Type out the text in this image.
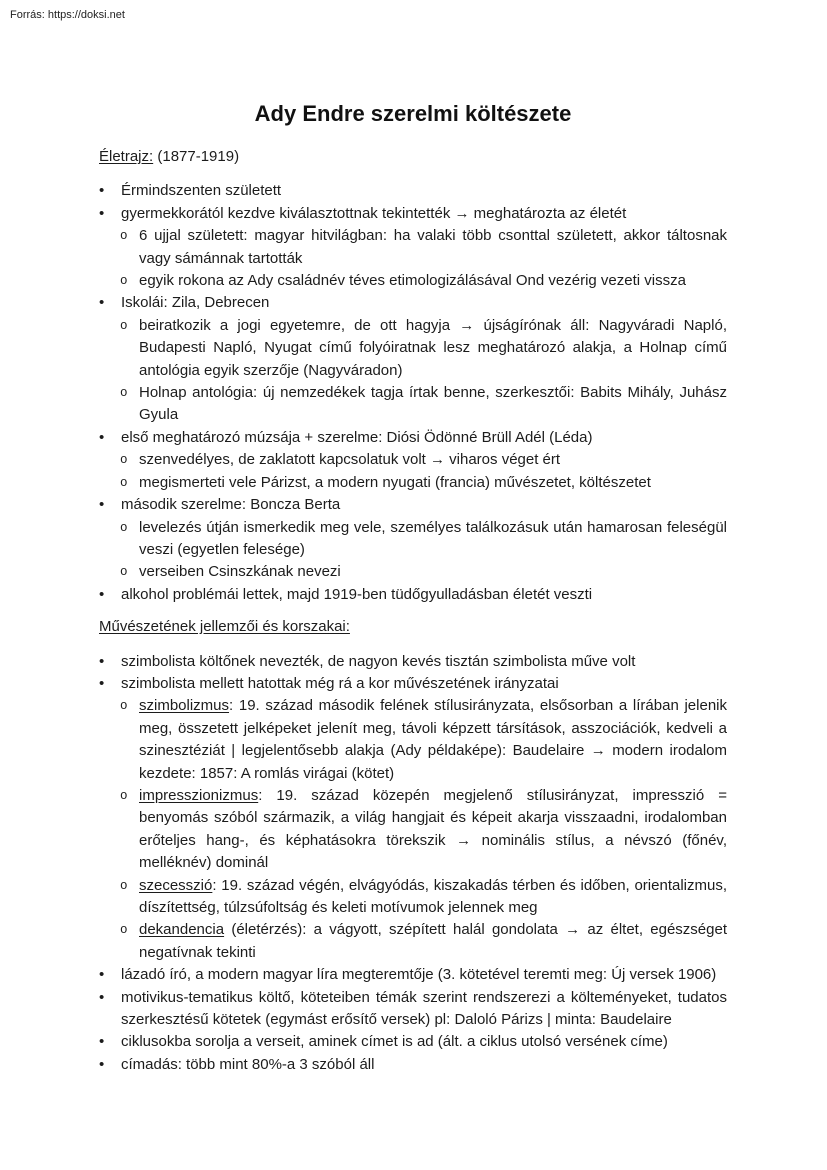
Forrás: https://doksi.net
Ady Endre szerelmi költészete
Életrajz: (1877-1919)
•	Érmindszenten született
•	gyermekkorától kezdve kiválasztottnak tekintették → meghatározta az életét
o 6 ujjal született: magyar hitvilágban: ha valaki több csonttal született, akkor táltosnak vagy sámánnak tartották
o egyik rokona az Ady családnév téves etimologizálásával Ond vezérig vezeti vissza
•	Iskolái: Zila, Debrecen
o beiratkozik a jogi egyetemre, de ott hagyja → újságírónak áll: Nagyváradi Napló, Budapesti Napló, Nyugat című folyóiratnak lesz meghatározó alakja, a Holnap című antológia egyik szerzője (Nagyváradon)
o Holnap antológia: új nemzedékek tagja írtak benne, szerkesztői: Babits Mihály, Juhász Gyula
•	első meghatározó múzsája + szerelme: Diósi Ödönné Brüll Adél (Léda)
o szenvedélyes, de zaklatott kapcsolatuk volt → viharos véget ért
o megismerteti vele Párizst, a modern nyugati (francia) művészetet, költészetet
•	második szerelme: Boncza Berta
o levelezés útján ismerkedik meg vele, személyes találkozásuk után hamarosan feleségül veszi (egyetlen felesége)
o verseiben Csinszkának nevezi
•	alkohol problémái lettek, majd 1919-ben tüdőgyulladásban életét veszti
Művészetének jellemzői és korszakai:
•	szimbolista költőnek nevezték, de nagyon kevés tisztán szimbolista műve volt
•	szimbolista mellett hatottak még rá a kor művészetének irányzatai
o szimbolizmus: 19. század második felének stílusirányzata, elsősorban a lírában jelenik meg, összetett jelképeket jelenít meg, távoli képzett társítások, asszociációk, kedveli a szinesztéziát | legjelentősebb alakja (Ady példaképe): Baudelaire → modern irodalom kezdete: 1857: A romlás virágai (kötet)
o impresszionizmus: 19. század közepén megjelenő stílusirányzat, impresszió = benyomás szóból származik, a világ hangjait és képeit akarja visszaadni, irodalomban erőteljes hang-, és képhatásokra törekszik → nominális stílus, a névszó (főnév, melléknév) dominál
o szecesszió: 19. század végén, elvágyódás, kiszakadás térben és időben, orientalizmus, díszítettség, túlzsúfoltság és keleti motívumok jelennek meg
o dekandencia (életérzés): a vágyott, szépített halál gondolata → az éltet, egészséget negatívnak tekinti
•	lázadó író, a modern magyar líra megteremtője (3. kötetével teremti meg: Új versek 1906)
•	motivikus-tematikus költő, köteteiben témák szerint rendszerezi a költeményeket, tudatos szerkesztésű kötetek (egymást erősítő versek) pl: Daloló Párizs | minta: Baudelaire
•	ciklusokba sorolja a verseit, aminek címet is ad (ált. a ciklus utolsó versének címe)
•	címadás: több mint 80%-a 3 szóból áll
